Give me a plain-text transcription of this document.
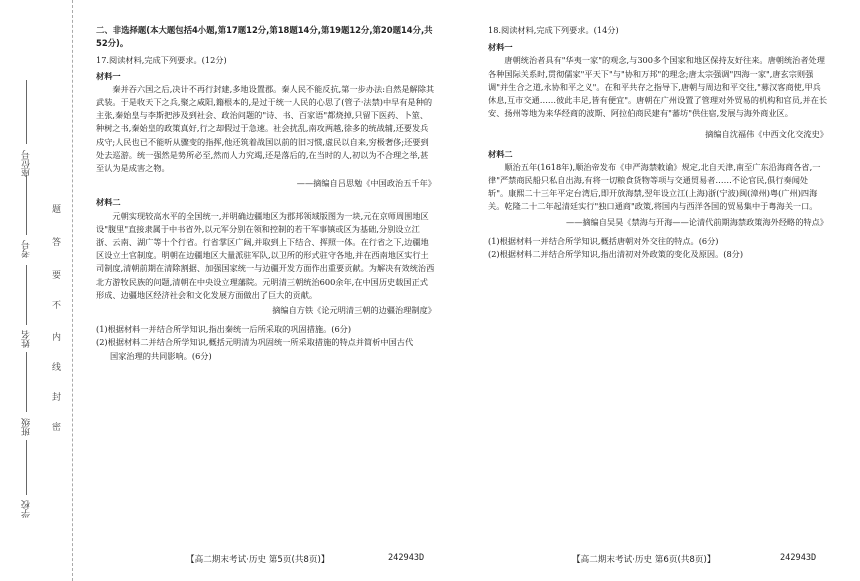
座位号
考号
姓名
班级
学校
密
封
线
内
不
要
答
题
二、非选择题(本大题包括4小题,第17题12分,第18题14分,第19题12分,第20题14分,共52分)。
17.阅读材料,完成下列要求。(12分)
材料一

秦并吞六国之后,决计不再行封建,多地设置郡。秦人民不能反抗,第一步办法:自然是解除其武装。于是收天下之兵,聚之咸阳,籍根本的,是过于统一人民的心思了(管子·法禁)中早有是种的主张,秦始皇与李斯把涉及到社会、政治问题的"诗、书、百家语"都烧掉,只留下医药、卜筮、种树之书,秦始皇的政策真好,行之却假过于急速。社会扰乱,南攻两越,徐多的统战辅,还要发兵戍守;人民也已不能听从骤变的指挥,他还筑着战国以前的旧习惯,虚民以自来,穷极奢侈;还要到处去巡游。统一强然是势所必至,然而人力究竭,还是落后的,在当时的人,初以为不合理之举,甚至认为是成害之物。

——摘编自吕思勉《中国政治五千年》
材料二

元朝实现较高水平的全国统一,并明确边疆地区为郡邦领域版图为一块,元在京师周围地区设"腹里"直接隶属于中书省外,以元军分别在领和控制的若干军事镇或区为基础,分别设立江浙、云南、湖广等十个行省。行省掌区广阔,并取到上下结合、挥照一体。在行省之下,边疆地区设立土官制度。明朝在边疆地区大量派驻军队,以卫所的形式驻守各地,并在西南地区实行土司制度,清朝前期在清除割据、加强国家统一与边疆开发方面作出重要贡献。为解决有效统治西北方游牧民族的问题,清朝在中央设立理藩院。元明清三朝统治600余年,在中国历史载国正式形成、边疆地区经济社会和文化发展方面做出了巨大的贡献。

摘编自方铁《论元明清三朝的边疆治理制度》
(1)根据材料一并结合所学知识,指出秦统一后所采取的巩固措施。(6分)
(2)根据材料二并结合所学知识,概括元明清为巩固统一所采取措施的特点并简析中国古代
国家治理的共同影响。(6分)
【高二期末考试·历史 第5页(共8页)】	242943D
18.阅读材料,完成下列要求。(14分)
材料一

唐朝统治者具有"华夷一家"的观念,与300多个国家和地区保持友好往来。唐朝统治者处理各种国际关系时,贯彻儒家"平天下"与"协和万邦"的理念;唐太宗强调"四海一家",唐玄宗则强调"并生合之道,永协和平之义"。在和平共存之指导下,唐朝与周边和平交往,"募汉客商使,甲兵休息,互市交通……彼此丰足,皆有便宜"。唐朝在广州设置了管理对外贸易的机构和官员,并在长安、扬州等地为来华经商的波斯、阿拉伯商民建有"蕃坊"供住宿,发展与海外商业区。

摘编自沈福伟《中西文化交流史》
材料二

顺治五年(1618年),顺治帝发布《申严海禁敕谕》规定,北自天津,南至广东沿海商各省,一律"严禁商民船只私自出海,有将一切粮食货物等项与交通贸易者……不论官民,俱行奏闻处斩"。康熙二十三年平定台湾后,即开放海禁,翌年设立江(上海)浙(宁波)闽(漳州)粤(广州)四海关。乾隆二十二年起清廷实行"独口通商"政策,将国内与西洋各国的贸易集中于粤海关一口。

——摘编自吴昊《禁海与开海——论清代前期海禁政策海外经略的特点》
(1)根据材料一并结合所学知识,概括唐朝对外交往的特点。(6分)
(2)根据材料二并结合所学知识,指出清初对外政策的变化及原因。(8分)
【高二期末考试·历史 第6页(共8页)】	242943D
